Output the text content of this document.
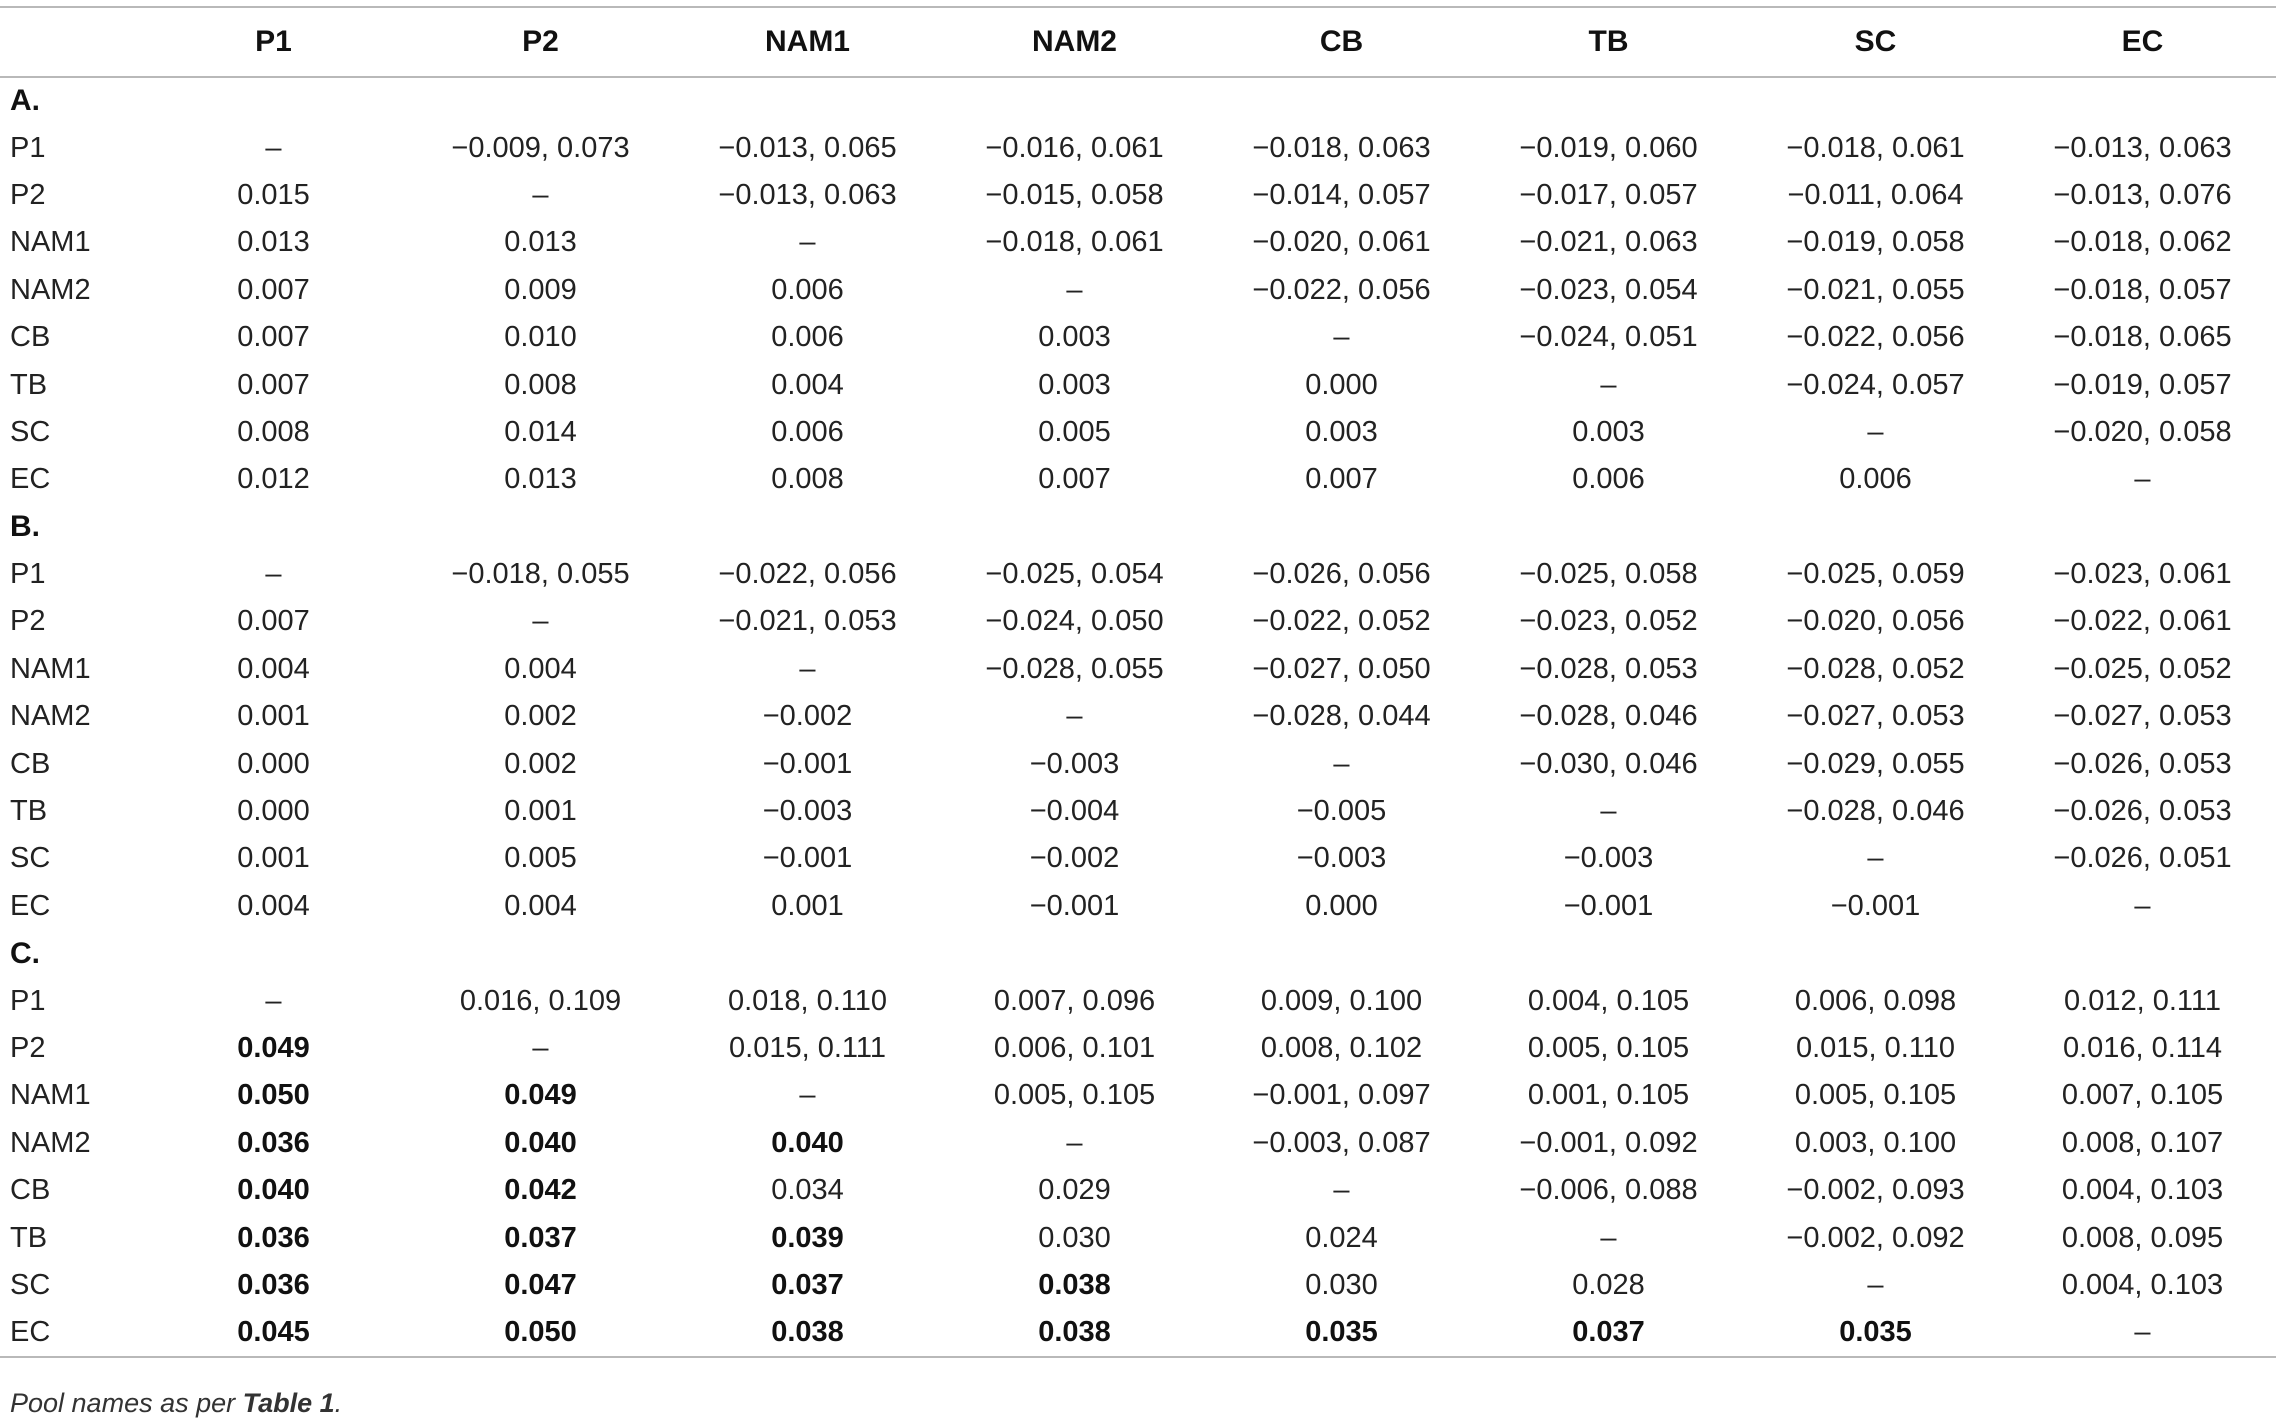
	P1	P2	NAM1	NAM2	CB	TB	SC	EC
A.								
P1	–	−0.009, 0.073	−0.013, 0.065	−0.016, 0.061	−0.018, 0.063	−0.019, 0.060	−0.018, 0.061	−0.013, 0.063
P2	0.015	–	−0.013, 0.063	−0.015, 0.058	−0.014, 0.057	−0.017, 0.057	−0.011, 0.064	−0.013, 0.076
NAM1	0.013	0.013	–	−0.018, 0.061	−0.020, 0.061	−0.021, 0.063	−0.019, 0.058	−0.018, 0.062
NAM2	0.007	0.009	0.006	–	−0.022, 0.056	−0.023, 0.054	−0.021, 0.055	−0.018, 0.057
CB	0.007	0.010	0.006	0.003	–	−0.024, 0.051	−0.022, 0.056	−0.018, 0.065
TB	0.007	0.008	0.004	0.003	0.000	–	−0.024, 0.057	−0.019, 0.057
SC	0.008	0.014	0.006	0.005	0.003	0.003	–	−0.020, 0.058
EC	0.012	0.013	0.008	0.007	0.007	0.006	0.006	–
B.								
P1	–	−0.018, 0.055	−0.022, 0.056	−0.025, 0.054	−0.026, 0.056	−0.025, 0.058	−0.025, 0.059	−0.023, 0.061
P2	0.007	–	−0.021, 0.053	−0.024, 0.050	−0.022, 0.052	−0.023, 0.052	−0.020, 0.056	−0.022, 0.061
NAM1	0.004	0.004	–	−0.028, 0.055	−0.027, 0.050	−0.028, 0.053	−0.028, 0.052	−0.025, 0.052
NAM2	0.001	0.002	−0.002	–	−0.028, 0.044	−0.028, 0.046	−0.027, 0.053	−0.027, 0.053
CB	0.000	0.002	−0.001	−0.003	–	−0.030, 0.046	−0.029, 0.055	−0.026, 0.053
TB	0.000	0.001	−0.003	−0.004	−0.005	–	−0.028, 0.046	−0.026, 0.053
SC	0.001	0.005	−0.001	−0.002	−0.003	−0.003	–	−0.026, 0.051
EC	0.004	0.004	0.001	−0.001	0.000	−0.001	−0.001	–
C.								
P1	–	0.016, 0.109	0.018, 0.110	0.007, 0.096	0.009, 0.100	0.004, 0.105	0.006, 0.098	0.012, 0.111
P2	0.049	–	0.015, 0.111	0.006, 0.101	0.008, 0.102	0.005, 0.105	0.015, 0.110	0.016, 0.114
NAM1	0.050	0.049	–	0.005, 0.105	−0.001, 0.097	0.001, 0.105	0.005, 0.105	0.007, 0.105
NAM2	0.036	0.040	0.040	–	−0.003, 0.087	−0.001, 0.092	0.003, 0.100	0.008, 0.107
CB	0.040	0.042	0.034	0.029	–	−0.006, 0.088	−0.002, 0.093	0.004, 0.103
TB	0.036	0.037	0.039	0.030	0.024	–	−0.002, 0.092	0.008, 0.095
SC	0.036	0.047	0.037	0.038	0.030	0.028	–	0.004, 0.103
EC	0.045	0.050	0.038	0.038	0.035	0.037	0.035	–
Pool names as per Table 1.
